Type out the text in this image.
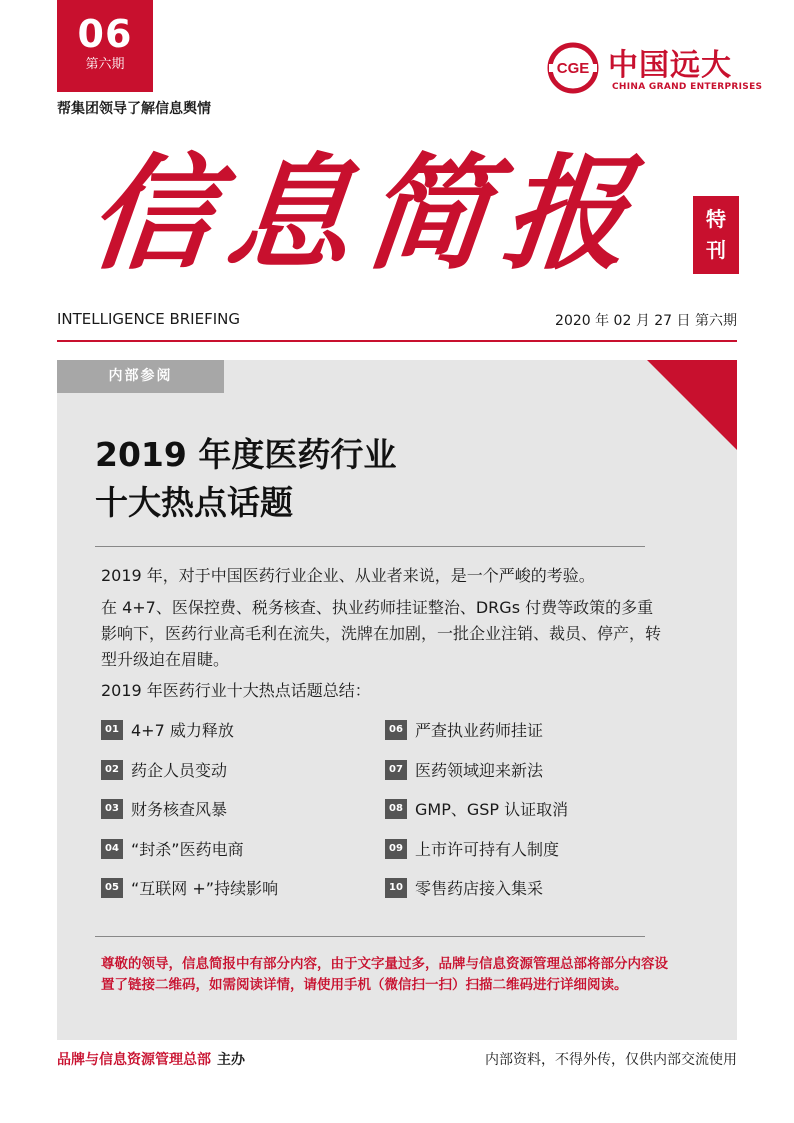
06
第六期
帮集团领导了解信息舆情
CGE 中国远大
CHINA GRAND ENTERPRISES
信息简报	特
刊
INTELLIGENCE BRIEFING	2020 年 02 月 27 日 第六期
内部参阅
2019 年度医药行业
十大热点话题
2019 年，对于中国医药行业企业、从业者来说，是一个严峻的考验。
在 4+7、医保控费、税务核查、执业药师挂证整治、DRGs 付费等政策的多重影响下，医药行业高毛利在流失，洗牌在加剧，一批企业注销、裁员、停产，转型升级迫在眉睫。
2019 年医药行业十大热点话题总结：
01 4+7 威力释放
02 药企人员变动
03 财务核查风暴
04 “封杀”医药电商
05 “互联网 +”持续影响
06 严查执业药师挂证
07 医药领域迎来新法
08 GMP、GSP 认证取消
09 上市许可持有人制度
10 零售药店接入集采
尊敬的领导，信息简报中有部分内容，由于文字量过多，品牌与信息资源管理总部将部分内容设置了链接二维码，如需阅读详情，请使用手机（微信扫一扫）扫描二维码进行详细阅读。
品牌与信息资源管理总部 主办	内部资料，不得外传，仅供内部交流使用
